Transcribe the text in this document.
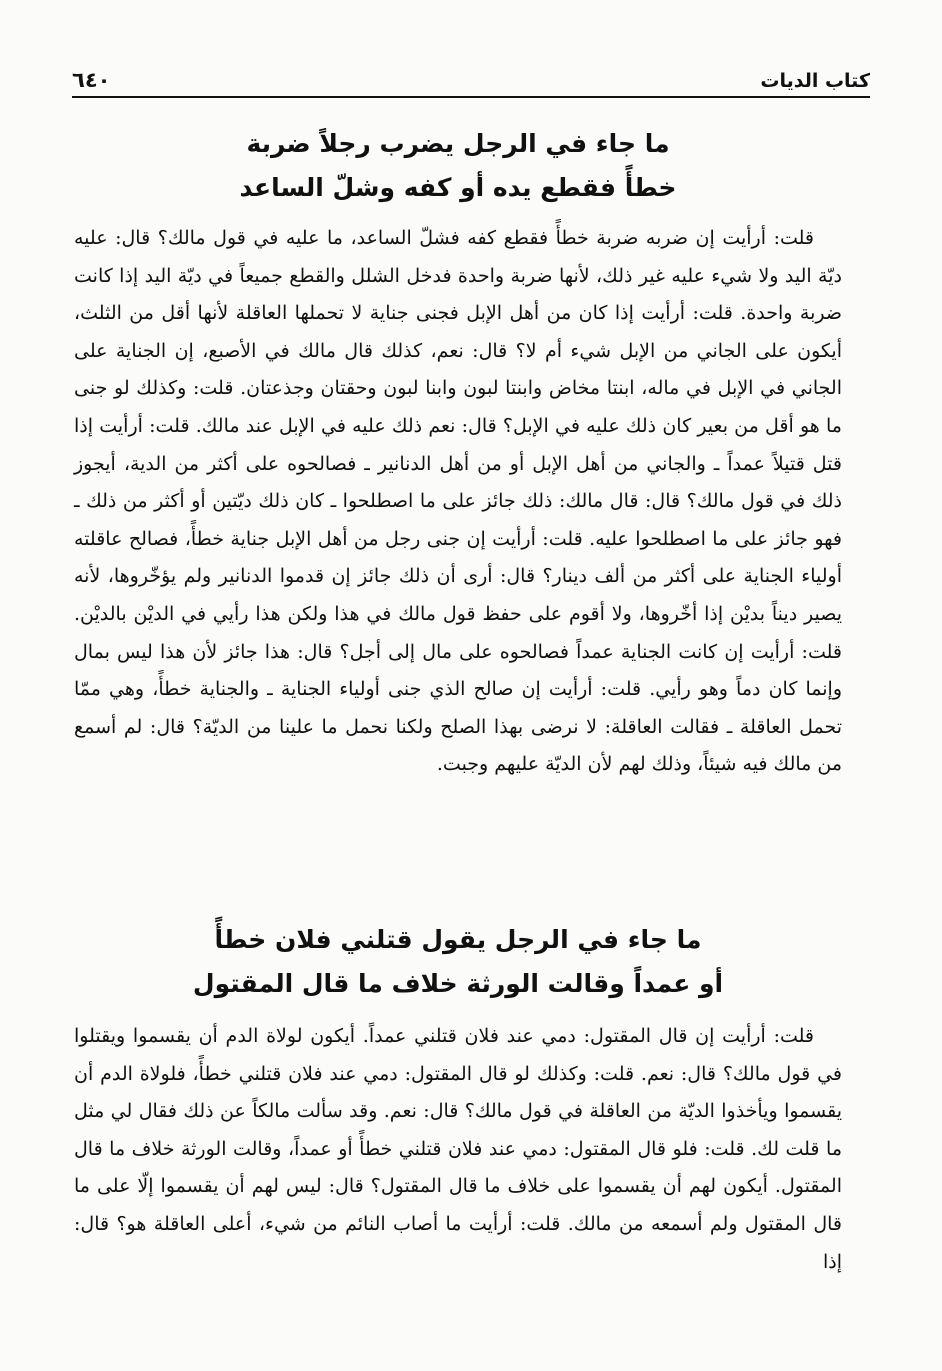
كتاب الديات
٦٤٠
ما جاء في الرجل يضرب رجلاً ضربة
خطأً فقطع يده أو كفه وشلّ الساعد

قلت: أرأيت إن ضربه ضربة خطأً فقطع كفه فشلّ الساعد، ما عليه في قول مالك؟ قال: عليه ديّة اليد ولا شيء عليه غير ذلك، لأنها ضربة واحدة فدخل الشلل والقطع جميعاً في ديّة اليد إذا كانت ضربة واحدة. قلت: أرأيت إذا كان من أهل الإبل فجنى جناية لا تحملها العاقلة لأنها أقل من الثلث، أيكون على الجاني من الإبل شيء أم لا؟ قال: نعم، كذلك قال مالك في الأصبع، إن الجناية على الجاني في الإبل في ماله، ابنتا مخاض وابنتا لبون وابنا لبون وحقتان وجذعتان. قلت: وكذلك لو جنى ما هو أقل من بعير كان ذلك عليه في الإبل؟ قال: نعم ذلك عليه في الإبل عند مالك. قلت: أرأيت إذا قتل قتيلاً عمداً ـ والجاني من أهل الإبل أو من أهل الدنانير ـ فصالحوه على أكثر من الدية، أيجوز ذلك في قول مالك؟ قال: قال مالك: ذلك جائز على ما اصطلحوا ـ كان ذلك ديّتين أو أكثر من ذلك ـ فهو جائز على ما اصطلحوا عليه. قلت: أرأيت إن جنى رجل من أهل الإبل جناية خطأً، فصالح عاقلته أولياء الجناية على أكثر من ألف دينار؟ قال: أرى أن ذلك جائز إن قدموا الدنانير ولم يؤخّروها، لأنه يصير ديناً بديْن إذا أخّروها، ولا أقوم على حفظ قول مالك في هذا ولكن هذا رأيي في الديْن بالديْن. قلت: أرأيت إن كانت الجناية عمداً فصالحوه على مال إلى أجل؟ قال: هذا جائز لأن هذا ليس بمال وإنما كان دماً وهو رأيي. قلت: أرأيت إن صالح الذي جنى أولياء الجناية ـ والجناية خطأً، وهي ممّا تحمل العاقلة ـ فقالت العاقلة: لا نرضى بهذا الصلح ولكنا نحمل ما علينا من الديّة؟ قال: لم أسمع من مالك فيه شيئاً، وذلك لهم لأن الديّة عليهم وجبت.

ما جاء في الرجل يقول قتلني فلان خطأً
أو عمداً وقالت الورثة خلاف ما قال المقتول

قلت: أرأيت إن قال المقتول: دمي عند فلان قتلني عمداً. أيكون لولاة الدم أن يقسموا ويقتلوا في قول مالك؟ قال: نعم. قلت: وكذلك لو قال المقتول: دمي عند فلان قتلني خطأً، فلولاة الدم أن يقسموا ويأخذوا الديّة من العاقلة في قول مالك؟ قال: نعم. وقد سألت مالكاً عن ذلك فقال لي مثل ما قلت لك. قلت: فلو قال المقتول: دمي عند فلان قتلني خطأً أو عمداً، وقالت الورثة خلاف ما قال المقتول. أيكون لهم أن يقسموا على خلاف ما قال المقتول؟ قال: ليس لهم أن يقسموا إلّا على ما قال المقتول ولم أسمعه من مالك. قلت: أرأيت ما أصاب النائم من شيء، أعلى العاقلة هو؟ قال: إذا
